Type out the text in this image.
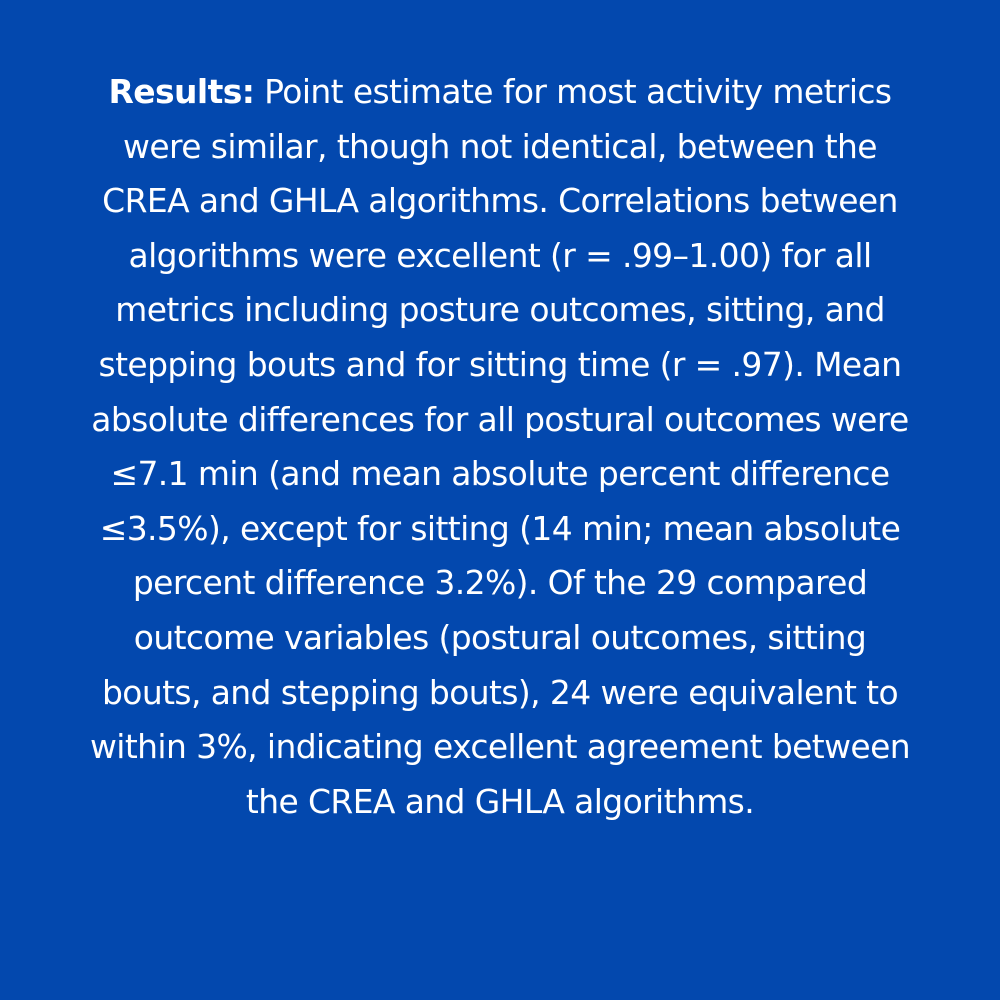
Results: Point estimate for most activity metrics
were similar, though not identical, between the
CREA and GHLA algorithms. Correlations between
algorithms were excellent (r = .99–1.00) for all
metrics including posture outcomes, sitting, and
stepping bouts and for sitting time (r = .97). Mean
absolute differences for all postural outcomes were
≤7.1 min (and mean absolute percent difference
≤3.5%), except for sitting (14 min; mean absolute
percent difference 3.2%). Of the 29 compared
outcome variables (postural outcomes, sitting
bouts, and stepping bouts), 24 were equivalent to
within 3%, indicating excellent agreement between
the CREA and GHLA algorithms.
